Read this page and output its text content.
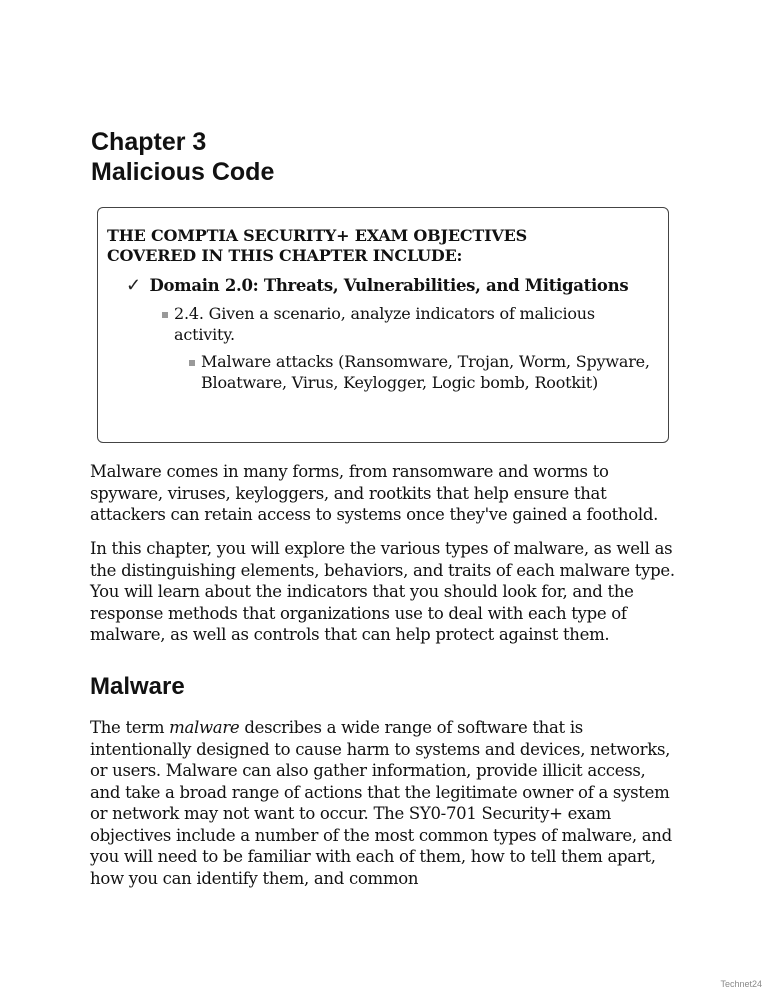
Chapter 3
Malicious Code

THE COMPTIA SECURITY+ EXAM OBJECTIVES
COVERED IN THIS CHAPTER INCLUDE:

✓ Domain 2.0: Threats, Vulnerabilities, and Mitigations
2.4. Given a scenario, analyze indicators of malicious activity.
Malware attacks (Ransomware, Trojan, Worm, Spyware, Bloatware, Virus, Keylogger, Logic bomb, Rootkit)

Malware comes in many forms, from ransomware and worms to spyware, viruses, keyloggers, and rootkits that help ensure that attackers can retain access to systems once they've gained a foothold.

In this chapter, you will explore the various types of malware, as well as the distinguishing elements, behaviors, and traits of each malware type. You will learn about the indicators that you should look for, and the response methods that organizations use to deal with each type of malware, as well as controls that can help protect against them.

Malware

The term malware describes a wide range of software that is intentionally designed to cause harm to systems and devices, networks, or users. Malware can also gather information, provide illicit access, and take a broad range of actions that the legitimate owner of a system or network may not want to occur. The SY0-701 Security+ exam objectives include a number of the most common types of malware, and you will need to be familiar with each of them, how to tell them apart, how you can identify them, and common

Technet24
